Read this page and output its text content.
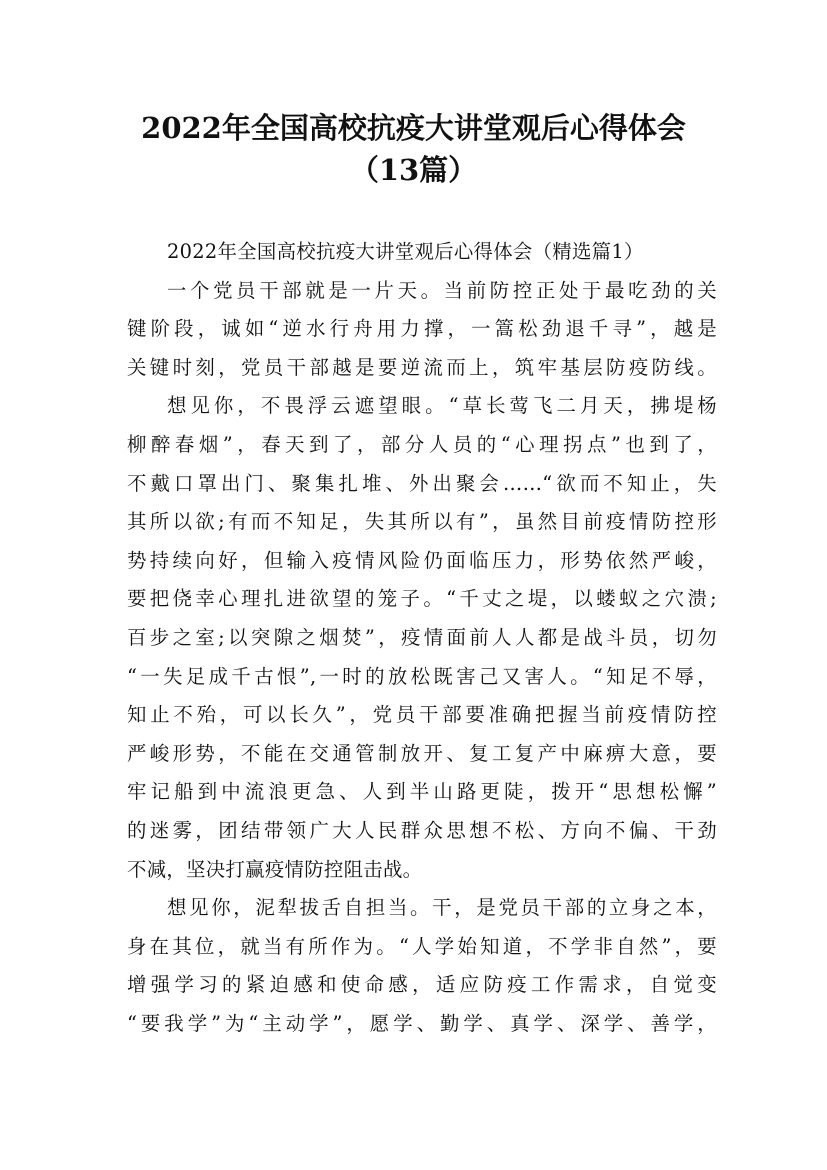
2022年全国高校抗疫大讲堂观后心得体会
（13篇）
2022年全国高校抗疫大讲堂观后心得体会（精选篇1）
一个党员干部就是一片天。当前防控正处于最吃劲的关
键阶段，诚如“逆水行舟用力撑，一篙松劲退千寻”，越是
关键时刻，党员干部越是要逆流而上，筑牢基层防疫防线。
想见你，不畏浮云遮望眼。“草长莺飞二月天，拂堤杨
柳醉春烟”，春天到了，部分人员的“心理拐点”也到了，
不戴口罩出门、聚集扎堆、外出聚会……“欲而不知止，失
其所以欲;有而不知足，失其所以有”，虽然目前疫情防控形
势持续向好，但输入疫情风险仍面临压力，形势依然严峻，
要把侥幸心理扎进欲望的笼子。“千丈之堤，以蝼蚁之穴溃;
百步之室;以突隙之烟焚”，疫情面前人人都是战斗员，切勿
“一失足成千古恨”,一时的放松既害己又害人。“知足不辱，
知止不殆，可以长久”，党员干部要准确把握当前疫情防控
严峻形势，不能在交通管制放开、复工复产中麻痹大意，要
牢记船到中流浪更急、人到半山路更陡，拨开“思想松懈”
的迷雾，团结带领广大人民群众思想不松、方向不偏、干劲
不减，坚决打赢疫情防控阻击战。
想见你，泥犁拔舌自担当。干，是党员干部的立身之本，
身在其位，就当有所作为。“人学始知道，不学非自然”，要
增强学习的紧迫感和使命感，适应防疫工作需求，自觉变
“要我学”为“主动学”，愿学、勤学、真学、深学、善学，
